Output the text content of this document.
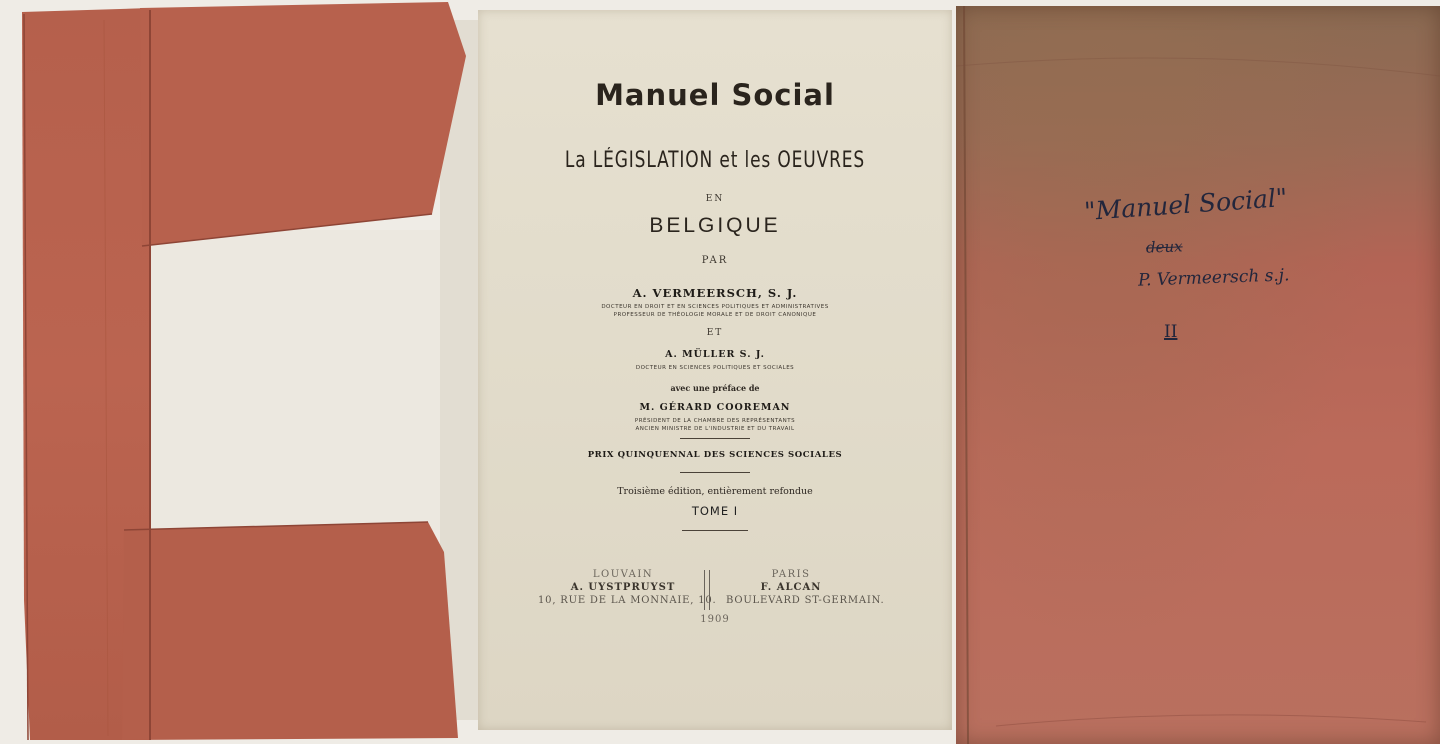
Manuel Social
La LÉGISLATION et les OEUVRES
EN
BELGIQUE
PAR
A. VERMEERSCH, S. J.
DOCTEUR EN DROIT ET EN SCIENCES POLITIQUES ET ADMINISTRATIVES
PROFESSEUR DE THÉOLOGIE MORALE ET DE DROIT CANONIQUE
ET
A. MÜLLER S. J.
DOCTEUR EN SCIENCES POLITIQUES ET SOCIALES
avec une préface de
M. GÉRARD COOREMAN
PRÉSIDENT DE LA CHAMBRE DES REPRÉSENTANTS
ANCIEN MINISTRE DE L'INDUSTRIE ET DU TRAVAIL
PRIX QUINQUENNAL DES SCIENCES SOCIALES
Troisième édition, entièrement refondue
TOME I
LOUVAIN
A. UYSTPRUYST
10, RUE DE LA MONNAIE, 10.
PARIS
F. ALCAN
BOULEVARD ST-GERMAIN.
1909
"Manuel Social"
deux
P. Vermeersch s.j.
II
